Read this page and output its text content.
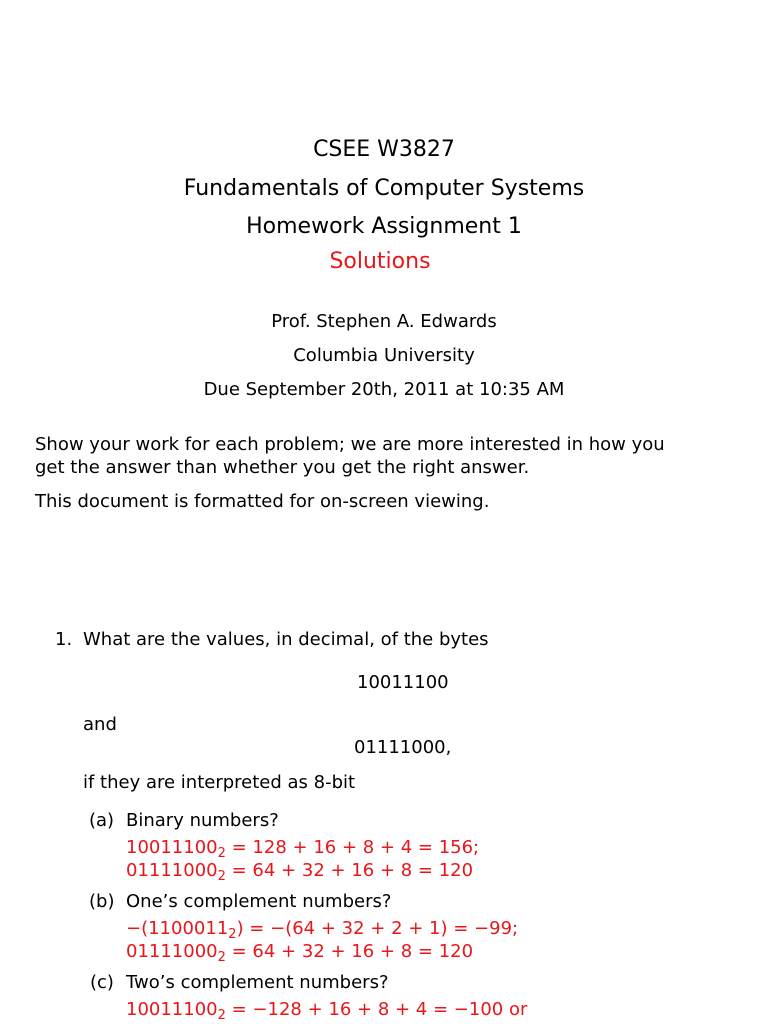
CSEE W3827
Fundamentals of Computer Systems
Homework Assignment 1
Solutions
Prof. Stephen A. Edwards
Columbia University
Due September 20th, 2011 at 10:35 AM
Show your work for each problem; we are more interested in how you
get the answer than whether you get the right answer.
This document is formatted for on-screen viewing.
1. What are the values, in decimal, of the bytes
10011100
and
01111000,
if they are interpreted as 8-bit
(a) Binary numbers?
$10011100_2 = 128 + 16 + 8 + 4 = 156$;
$01111000_2 = 64 + 32 + 16 + 8 = 120$
(b) One’s complement numbers?
$-(1100011_2) = -(64 + 32 + 2 + 1) = -99$;
$01111000_2 = 64 + 32 + 16 + 8 = 120$
(c) Two’s complement numbers?
$10011100_2 = -128 + 16 + 8 + 4 = -100$ or
